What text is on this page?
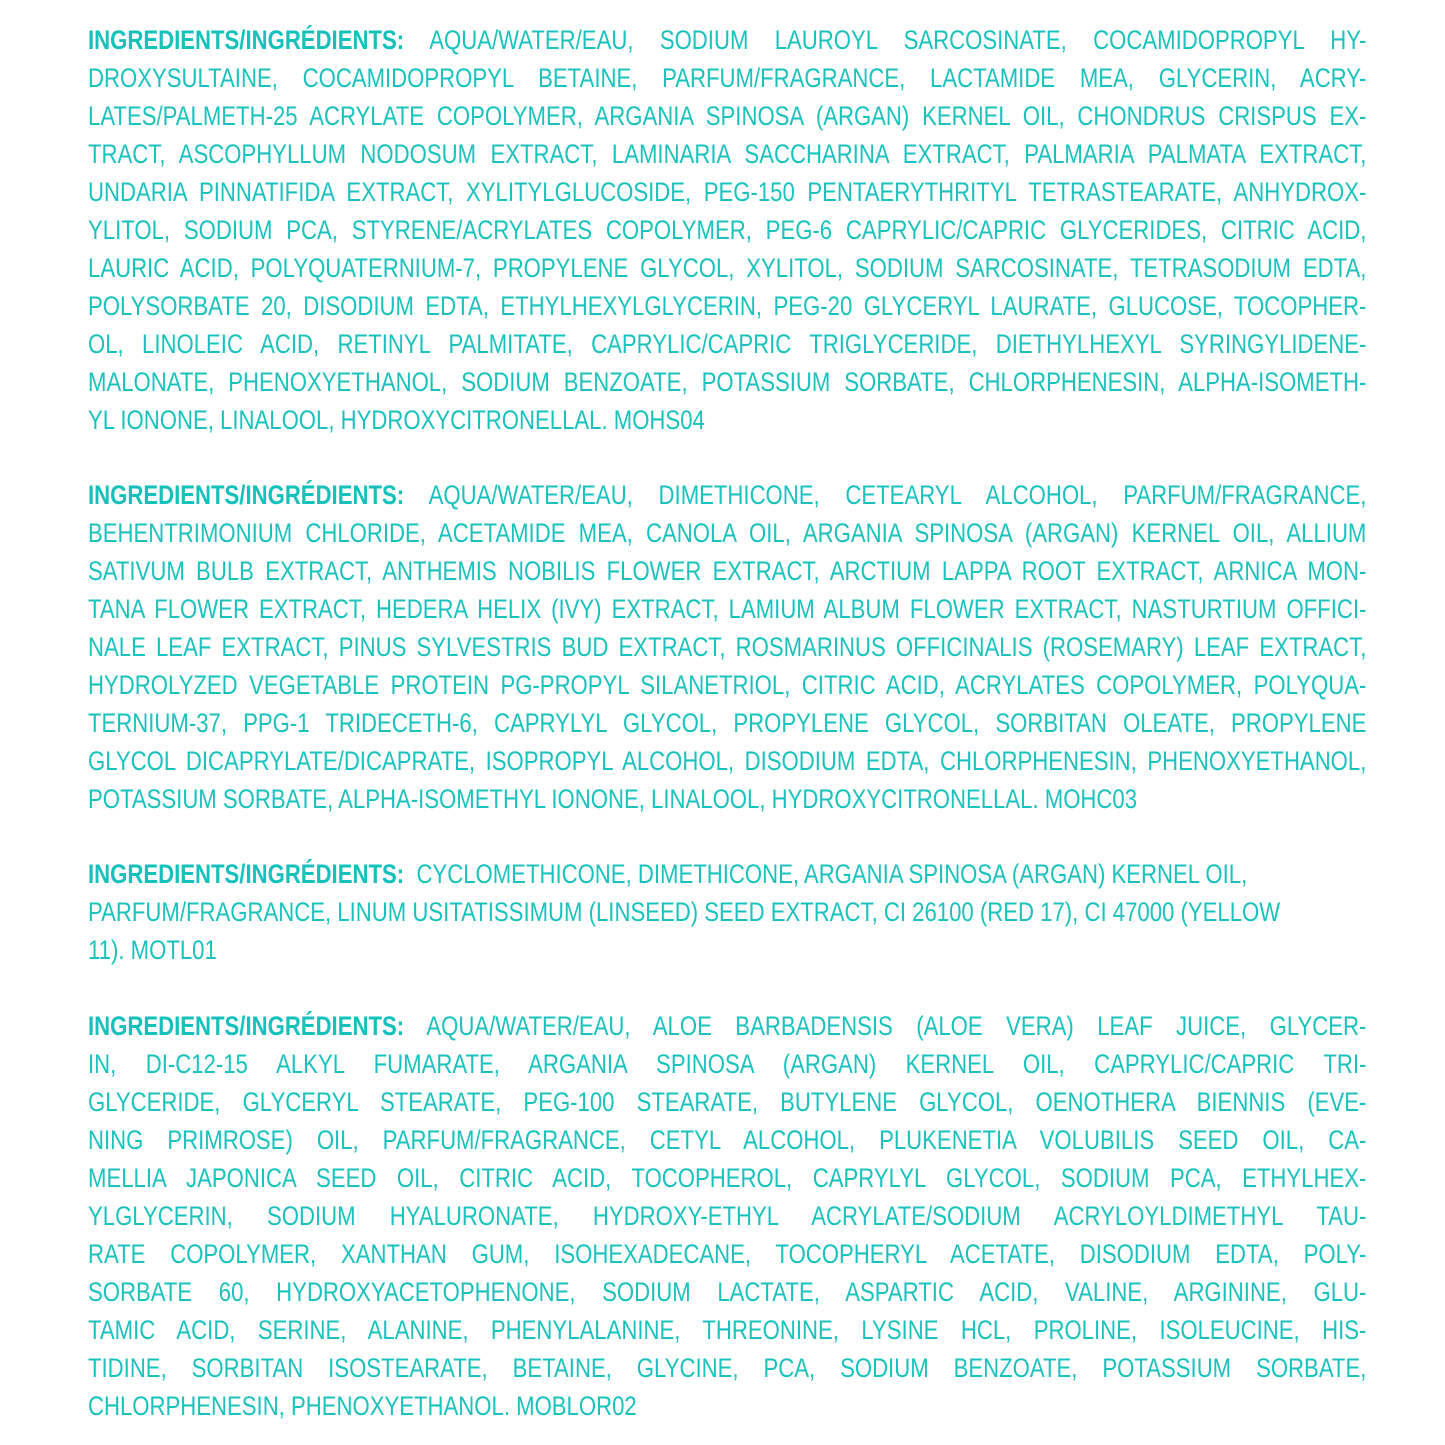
INGREDIENTS/INGRÉDIENTS: AQUA/WATER/EAU, SODIUM LAUROYL SARCOSINATE, COCAMIDOPROPYL HY-
DROXYSULTAINE, COCAMIDOPROPYL BETAINE, PARFUM/FRAGRANCE, LACTAMIDE MEA, GLYCERIN, ACRY-
LATES/PALMETH-25 ACRYLATE COPOLYMER, ARGANIA SPINOSA (ARGAN) KERNEL OIL, CHONDRUS CRISPUS EX-
TRACT, ASCOPHYLLUM NODOSUM EXTRACT, LAMINARIA SACCHARINA EXTRACT, PALMARIA PALMATA EXTRACT,
UNDARIA PINNATIFIDA EXTRACT, XYLITYLGLUCOSIDE, PEG-150 PENTAERYTHRITYL TETRASTEARATE, ANHYDROX-
YLITOL, SODIUM PCA, STYRENE/ACRYLATES COPOLYMER, PEG-6 CAPRYLIC/CAPRIC GLYCERIDES, CITRIC ACID,
LAURIC ACID, POLYQUATERNIUM-7, PROPYLENE GLYCOL, XYLITOL, SODIUM SARCOSINATE, TETRASODIUM EDTA,
POLYSORBATE 20, DISODIUM EDTA, ETHYLHEXYLGLYCERIN, PEG-20 GLYCERYL LAURATE, GLUCOSE, TOCOPHER-
OL, LINOLEIC ACID, RETINYL PALMITATE, CAPRYLIC/CAPRIC TRIGLYCERIDE, DIETHYLHEXYL SYRINGYLIDENE-
MALONATE, PHENOXYETHANOL, SODIUM BENZOATE, POTASSIUM SORBATE, CHLORPHENESIN, ALPHA-ISOMETH-
YL IONONE, LINALOOL, HYDROXYCITRONELLAL. MOHS04
INGREDIENTS/INGRÉDIENTS: AQUA/WATER/EAU, DIMETHICONE, CETEARYL ALCOHOL, PARFUM/FRAGRANCE,
BEHENTRIMONIUM CHLORIDE, ACETAMIDE MEA, CANOLA OIL, ARGANIA SPINOSA (ARGAN) KERNEL OIL, ALLIUM
SATIVUM BULB EXTRACT, ANTHEMIS NOBILIS FLOWER EXTRACT, ARCTIUM LAPPA ROOT EXTRACT, ARNICA MON-
TANA FLOWER EXTRACT, HEDERA HELIX (IVY) EXTRACT, LAMIUM ALBUM FLOWER EXTRACT, NASTURTIUM OFFICI-
NALE LEAF EXTRACT, PINUS SYLVESTRIS BUD EXTRACT, ROSMARINUS OFFICINALIS (ROSEMARY) LEAF EXTRACT,
HYDROLYZED VEGETABLE PROTEIN PG-PROPYL SILANETRIOL, CITRIC ACID, ACRYLATES COPOLYMER, POLYQUA-
TERNIUM-37, PPG-1 TRIDECETH-6, CAPRYLYL GLYCOL, PROPYLENE GLYCOL, SORBITAN OLEATE, PROPYLENE
GLYCOL DICAPRYLATE/DICAPRATE, ISOPROPYL ALCOHOL, DISODIUM EDTA, CHLORPHENESIN, PHENOXYETHANOL,
POTASSIUM SORBATE, ALPHA-ISOMETHYL IONONE, LINALOOL, HYDROXYCITRONELLAL. MOHC03
INGREDIENTS/INGRÉDIENTS: CYCLOMETHICONE, DIMETHICONE, ARGANIA SPINOSA (ARGAN) KERNEL OIL,
PARFUM/FRAGRANCE, LINUM USITATISSIMUM (LINSEED) SEED EXTRACT, CI 26100 (RED 17), CI 47000 (YELLOW
11). MOTL01
INGREDIENTS/INGRÉDIENTS: AQUA/WATER/EAU, ALOE BARBADENSIS (ALOE VERA) LEAF JUICE, GLYCER-
IN, DI-C12-15 ALKYL FUMARATE, ARGANIA SPINOSA (ARGAN) KERNEL OIL, CAPRYLIC/CAPRIC TRI-
GLYCERIDE, GLYCERYL STEARATE, PEG-100 STEARATE, BUTYLENE GLYCOL, OENOTHERA BIENNIS (EVE-
NING PRIMROSE) OIL, PARFUM/FRAGRANCE, CETYL ALCOHOL, PLUKENETIA VOLUBILIS SEED OIL, CA-
MELLIA JAPONICA SEED OIL, CITRIC ACID, TOCOPHEROL, CAPRYLYL GLYCOL, SODIUM PCA, ETHYLHEX-
YLGLYCERIN, SODIUM HYALURONATE, HYDROXY-ETHYL ACRYLATE/SODIUM ACRYLOYLDIMETHYL TAU-
RATE COPOLYMER, XANTHAN GUM, ISOHEXADECANE, TOCOPHERYL ACETATE, DISODIUM EDTA, POLY-
SORBATE 60, HYDROXYACETOPHENONE, SODIUM LACTATE, ASPARTIC ACID, VALINE, ARGININE, GLU-
TAMIC ACID, SERINE, ALANINE, PHENYLALANINE, THREONINE, LYSINE HCL, PROLINE, ISOLEUCINE, HIS-
TIDINE, SORBITAN ISOSTEARATE, BETAINE, GLYCINE, PCA, SODIUM BENZOATE, POTASSIUM SORBATE,
CHLORPHENESIN, PHENOXYETHANOL. MOBLOR02
